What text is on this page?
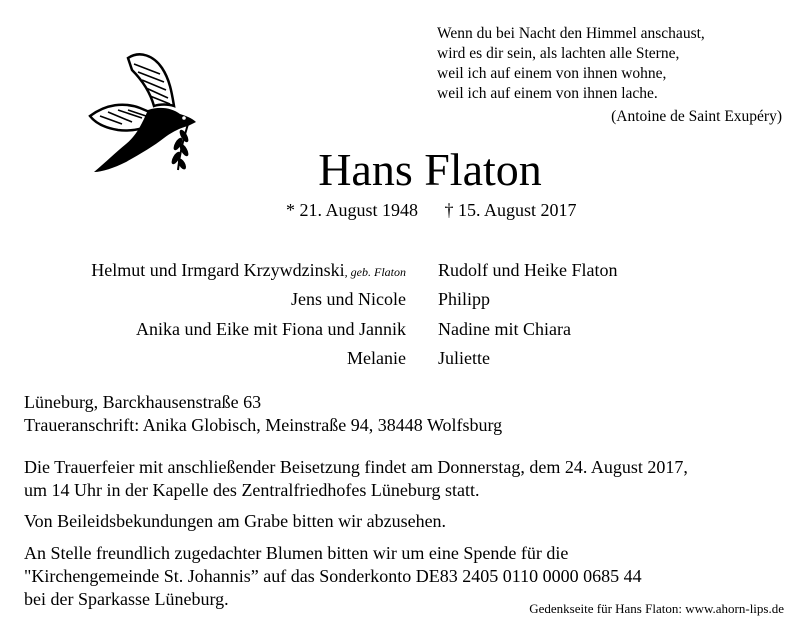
Wenn du bei Nacht den Himmel anschaust,
wird es dir sein, als lachten alle Sterne,
weil ich auf einem von ihnen wohne,
weil ich auf einem von ihnen lache.
(Antoine de Saint Exupéry)
Hans Flaton
* 21. August 1948 † 15. August 2017
Helmut und Irmgard Krzywdzinski, geb. Flaton
Jens und Nicole
Anika und Eike mit Fiona und Jannik
Melanie
Rudolf und Heike Flaton
Philipp
Nadine mit Chiara
Juliette
Lüneburg, Barckhausenstraße 63
Traueranschrift: Anika Globisch, Meinstraße 94, 38448 Wolfsburg
Die Trauerfeier mit anschließender Beisetzung findet am Donnerstag, dem 24. August 2017,
um 14 Uhr in der Kapelle des Zentralfriedhofes Lüneburg statt.
Von Beileidsbekundungen am Grabe bitten wir abzusehen.
An Stelle freundlich zugedachter Blumen bitten wir um eine Spende für die
"Kirchengemeinde St. Johannis” auf das Sonderkonto DE83 2405 0110 0000 0685 44
bei der Sparkasse Lüneburg.	Gedenkseite für Hans Flaton: www.ahorn-lips.de
